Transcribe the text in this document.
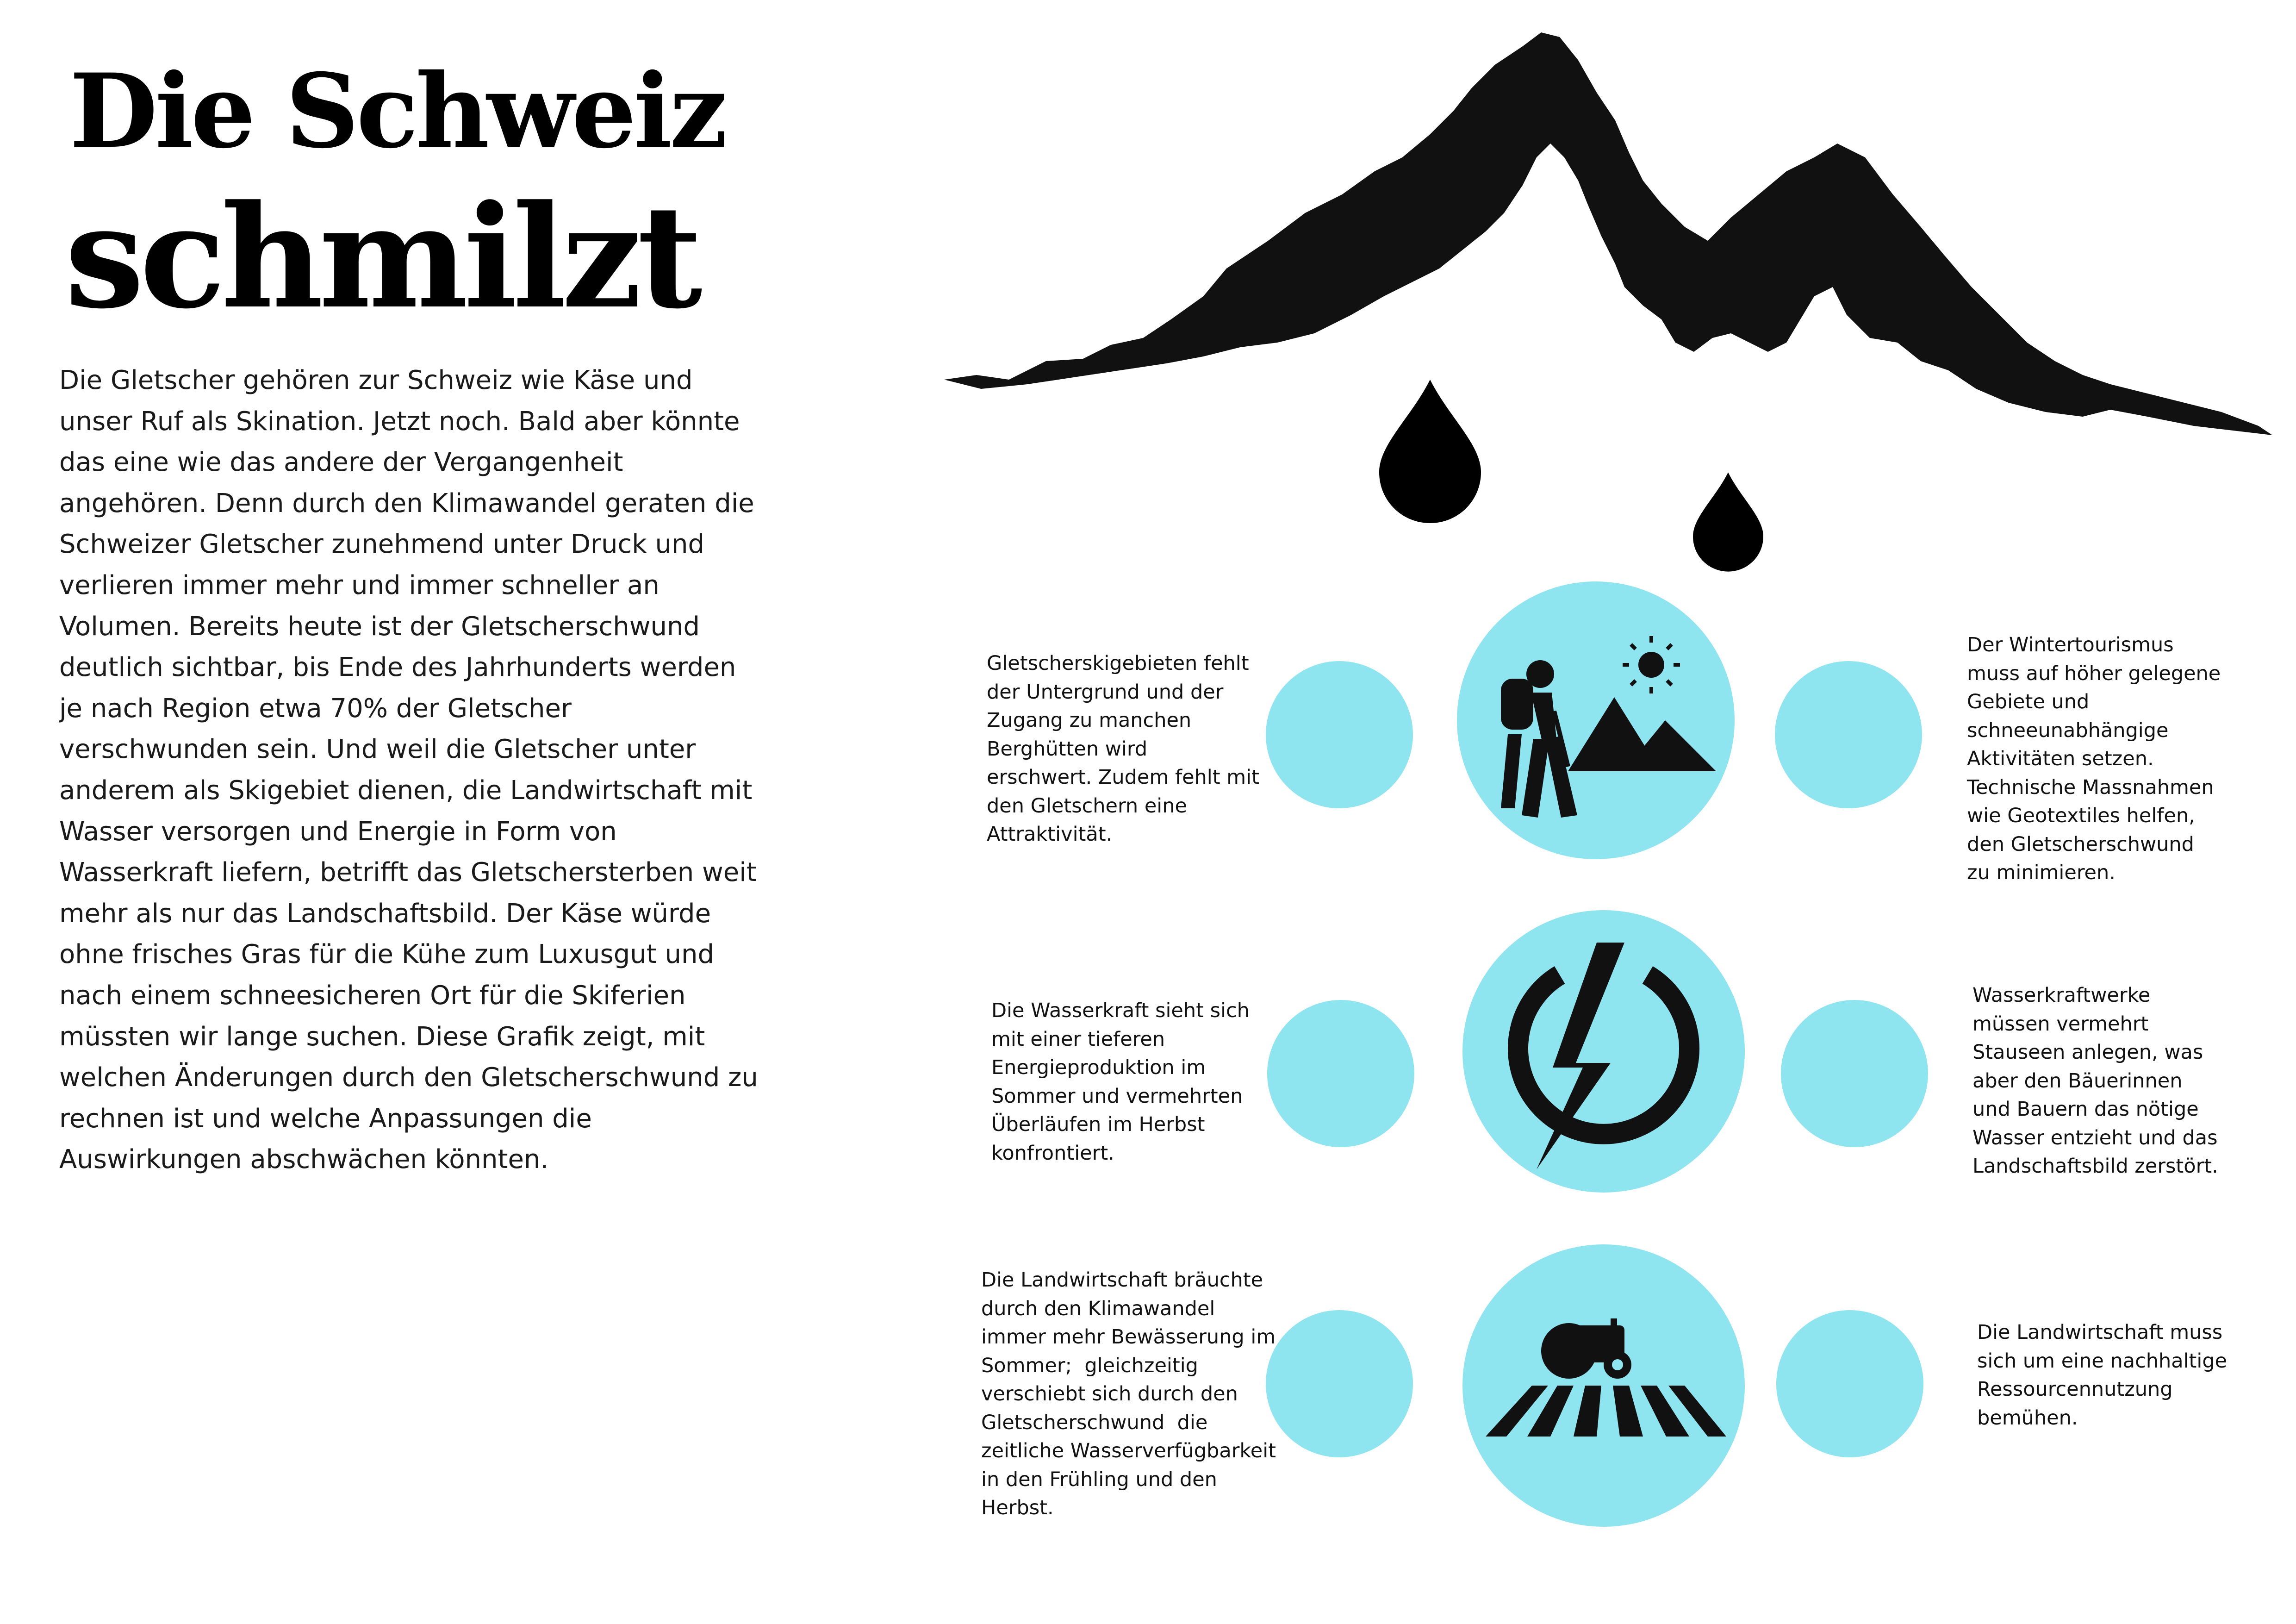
Die Schweiz
schmilzt

Die Gletscher gehören zur Schweiz wie Käse und unser Ruf als Skination. Jetzt noch. Bald aber könnte das eine wie das andere der Vergangenheit angehören. Denn durch den Klimawandel geraten die Schweizer Gletscher zunehmend unter Druck und verlieren immer mehr und immer schneller an Volumen. Bereits heute ist der Gletscherschwund deutlich sichtbar, bis Ende des Jahrhunderts werden je nach Region etwa 70% der Gletscher verschwunden sein. Und weil die Gletscher unter anderem als Skigebiet dienen, die Landwirtschaft mit Wasser versorgen und Energie in Form von Wasserkraft liefern, betrifft das Gletschersterben weit mehr als nur das Landschaftsbild. Der Käse würde ohne frisches Gras für die Kühe zum Luxusgut und nach einem schneesicheren Ort für die Skiferien müssten wir lange suchen. Diese Grafik zeigt, mit welchen Änderungen durch den Gletscherschwund zu rechnen ist und welche Anpassungen die Auswirkungen abschwächen könnten.

Gletscherskigebieten fehlt
der Untergrund und der
Zugang zu manchen
Berghütten wird
erschwert. Zudem fehlt mit
den Gletschern eine
Attraktivität.

Der Wintertourismus
muss auf höher gelegene
Gebiete und
schneeunabhängige
Aktivitäten setzen.
Technische Massnahmen
wie Geotextiles helfen,
den Gletscherschwund
zu minimieren.

Die Wasserkraft sieht sich
mit einer tieferen
Energieproduktion im
Sommer und vermehrten
Überläufen im Herbst
konfrontiert.

Wasserkraftwerke
müssen vermehrt
Stauseen anlegen, was
aber den Bäuerinnen
und Bauern das nötige
Wasser entzieht und das
Landschaftsbild zerstört.

Die Landwirtschaft bräuchte
durch den Klimawandel
immer mehr Bewässerung im
Sommer;  gleichzeitig
verschiebt sich durch den
Gletscherschwund  die
zeitliche Wasserverfügbarkeit
in den Frühling und den
Herbst.

Die Landwirtschaft muss
sich um eine nachhaltige
Ressourcennutzung
bemühen.
